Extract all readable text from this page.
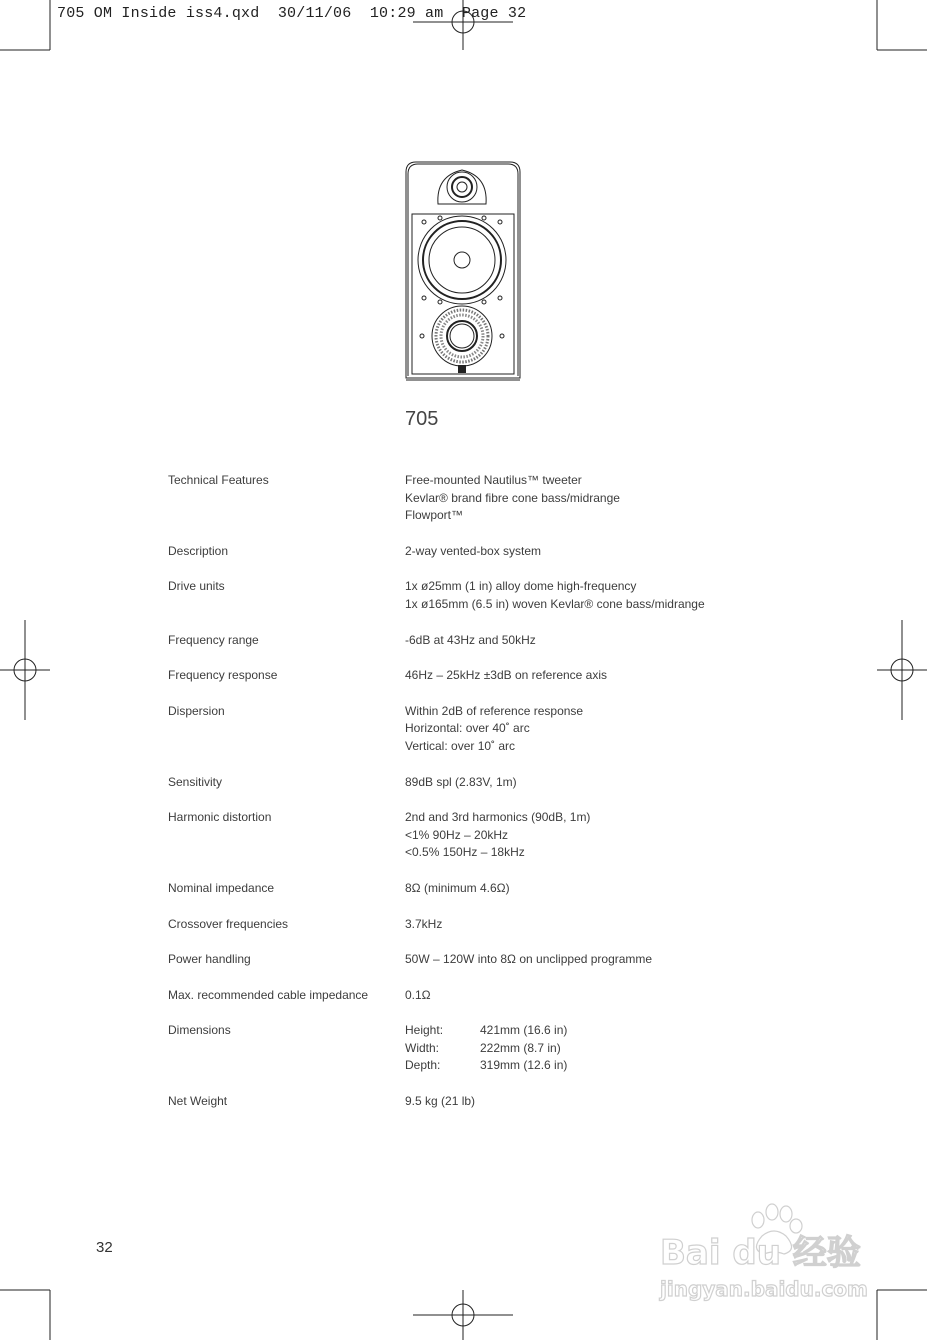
705 OM Inside iss4.qxd  30/11/06  10:29 am  Page 32
705
Technical Features	Free-mounted Nautilus™ tweeter
Kevlar® brand fibre cone bass/midrange
Flowport™
Description	2-way vented-box system
Drive units	1x ø25mm (1 in) alloy dome high-frequency
1x ø165mm (6.5 in) woven Kevlar® cone bass/midrange
Frequency range	-6dB at 43Hz and 50kHz
Frequency response	46Hz – 25kHz ±3dB on reference axis
Dispersion	Within 2dB of reference response
Horizontal: over 40˚ arc
Vertical: over 10˚ arc
Sensitivity	89dB spl (2.83V, 1m)
Harmonic distortion	2nd and 3rd harmonics (90dB, 1m)
<1% 90Hz – 20kHz
<0.5% 150Hz – 18kHz
Nominal impedance	8Ω (minimum 4.6Ω)
Crossover frequencies	3.7kHz
Power handling	50W – 120W into 8Ω on unclipped programme
Max. recommended cable impedance	0.1Ω
Dimensions	Height:	421mm (16.6 in)
Width:	222mm (8.7 in)
Depth:	319mm (12.6 in)
Net Weight	9.5 kg (21 lb)
32	Bai du 经验
jingyan.baidu.com
